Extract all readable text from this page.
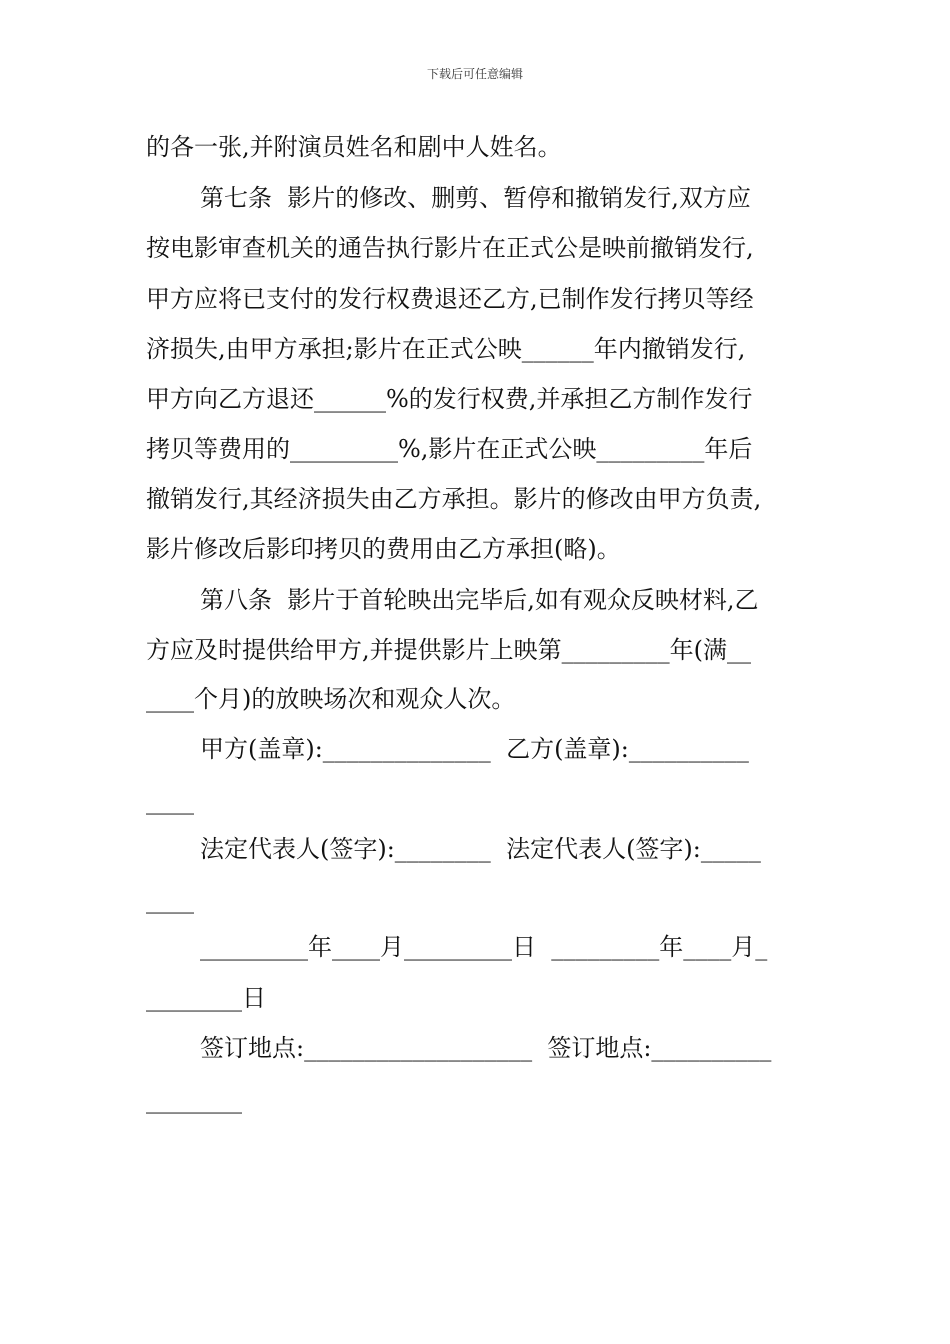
下载后可任意编辑
的各一张,并附演员姓名和剧中人姓名。
第七条  影片的修改、删剪、暂停和撤销发行,双方应
按电影审查机关的通告执行影片在正式公是映前撤销发行,
甲方应将已支付的发行权费退还乙方,已制作发行拷贝等经
济损失,由甲方承担;影片在正式公映______年内撤销发行,
甲方向乙方退还______%的发行权费,并承担乙方制作发行
拷贝等费用的_________%,影片在正式公映_________年后
撤销发行,其经济损失由乙方承担。影片的修改由甲方负责,
影片修改后影印拷贝的费用由乙方承担(略)。
第八条  影片于首轮映出完毕后,如有观众反映材料,乙
方应及时提供给甲方,并提供影片上映第_________年(满__
____个月)的放映场次和观众人次。
甲方(盖章):______________  乙方(盖章):__________
____
法定代表人(签字):________  法定代表人(签字):_____
____
_________年____月_________日  _________年____月_
________日
签订地点:___________________  签订地点:__________
________
